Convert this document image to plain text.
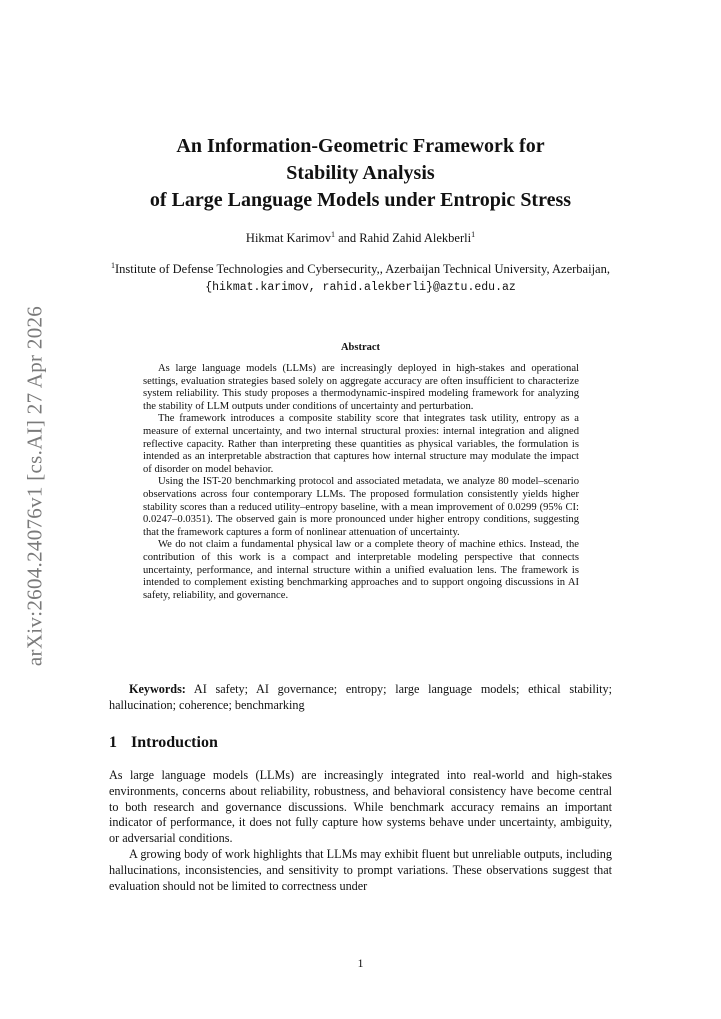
arXiv:2604.24076v1 [cs.AI] 27 Apr 2026
An Information-Geometric Framework for
Stability Analysis
of Large Language Models under Entropic Stress
Hikmat Karimov$^1$ and Rahid Zahid Alekberli$^1$
$^1$Institute of Defense Technologies and Cybersecurity,, Azerbaijan Technical University, Azerbaijan, {hikmat.karimov, rahid.alekberli}@aztu.edu.az
Abstract

As large language models (LLMs) are increasingly deployed in high-stakes and operational settings, evaluation strategies based solely on aggregate accuracy are often insufficient to characterize system reliability. This study proposes a thermodynamic-inspired modeling framework for analyzing the stability of LLM outputs under conditions of uncertainty and perturbation.

The framework introduces a composite stability score that integrates task utility, entropy as a measure of external uncertainty, and two internal structural proxies: internal integration and aligned reflective capacity. Rather than interpreting these quantities as physical variables, the formulation is intended as an interpretable abstraction that captures how internal structure may modulate the impact of disorder on model behavior.

Using the IST-20 benchmarking protocol and associated metadata, we analyze 80 model–scenario observations across four contemporary LLMs. The proposed formulation consistently yields higher stability scores than a reduced utility–entropy baseline, with a mean improvement of 0.0299 (95% CI: 0.0247–0.0351). The observed gain is more pronounced under higher entropy conditions, suggesting that the framework captures a form of nonlinear attenuation of uncertainty.

We do not claim a fundamental physical law or a complete theory of machine ethics. Instead, the contribution of this work is a compact and interpretable modeling perspective that connects uncertainty, performance, and internal structure within a unified evaluation lens. The framework is intended to complement existing benchmarking approaches and to support ongoing discussions in AI safety, reliability, and governance.

Keywords: AI safety; AI governance; entropy; large language models; ethical stability; hallucination; coherence; benchmarking
1 Introduction

As large language models (LLMs) are increasingly integrated into real-world and high-stakes environments, concerns about reliability, robustness, and behavioral consistency have become central to both research and governance discussions. While benchmark accuracy remains an important indicator of performance, it does not fully capture how systems behave under uncertainty, ambiguity, or adversarial conditions.

A growing body of work highlights that LLMs may exhibit fluent but unreliable outputs, including hallucinations, inconsistencies, and sensitivity to prompt variations. These observations suggest that evaluation should not be limited to correctness under

1
